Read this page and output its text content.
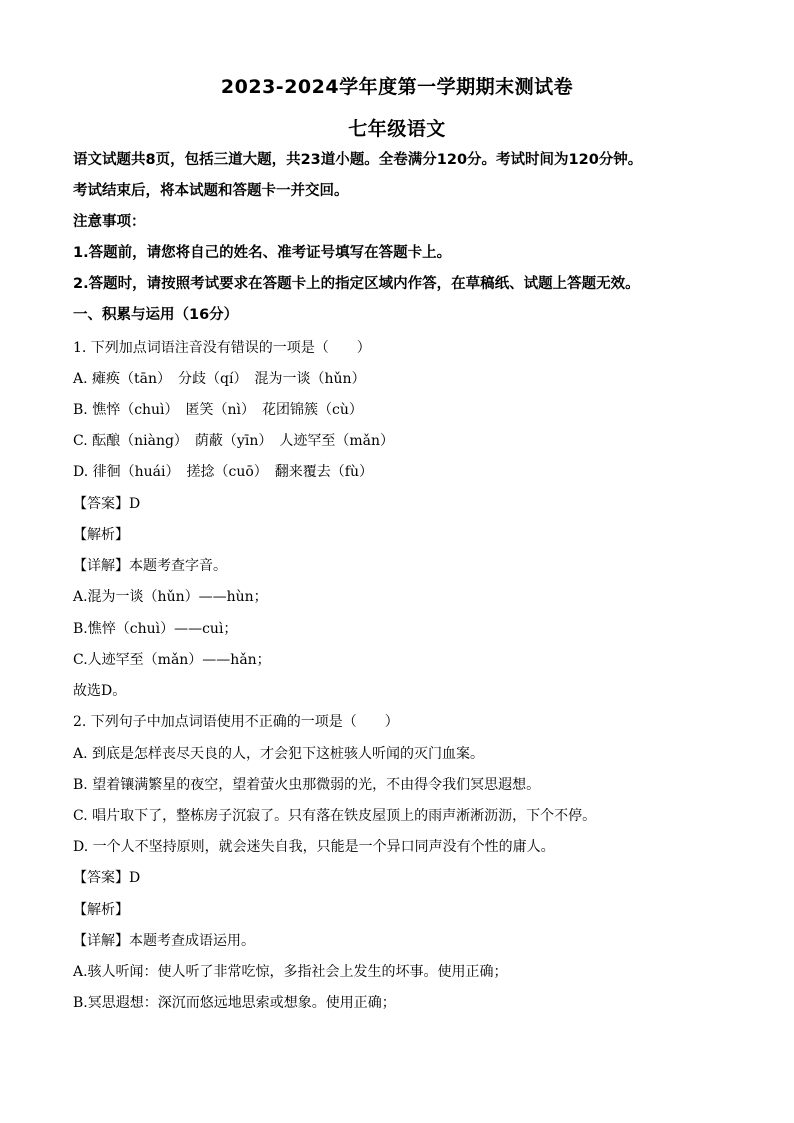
2023-2024学年度第一学期期末测试卷
七年级语文
语文试题共8页，包括三道大题，共23道小题。全卷满分120分。考试时间为120分钟。
考试结束后，将本试题和答题卡一并交回。
注意事项：
1.答题前，请您将自己的姓名、准考证号填写在答题卡上。
2.答题时，请按照考试要求在答题卡上的指定区域内作答，在草稿纸、试题上答题无效。
一、积累与运用（16分）
1. 下列加点词语注音没有错误的一项是（　　）
A. 瘫痪（tān）　分歧（qí）　混为一谈（hǔn）
B. 憔悴（chuì）　匿笑（nì）　花团锦簇（cù）
C. 酝酿（niàng）　荫蔽（yīn）　人迹罕至（mǎn）
D. 徘徊（huái）　搓捻（cuō）　翻来覆去（fù）
【答案】D
【解析】
【详解】本题考查字音。
A.混为一谈（hǔn）——hùn；
B.憔悴（chuì）——cuì；
C.人迹罕至（mǎn）——hǎn；
故选D。
2. 下列句子中加点词语使用不正确的一项是（　　）
A. 到底是怎样丧尽天良的人，才会犯下这桩骇人听闻的灭门血案。
B. 望着镶满繁星的夜空，望着萤火虫那微弱的光，不由得令我们冥思遐想。
C. 唱片取下了，整栋房子沉寂了。只有落在铁皮屋顶上的雨声淅淅沥沥，下个不停。
D. 一个人不坚持原则，就会迷失自我，只能是一个异口同声没有个性的庸人。
【答案】D
【解析】
【详解】本题考查成语运用。
A.骇人听闻：使人听了非常吃惊，多指社会上发生的坏事。使用正确；
B.冥思遐想：深沉而悠远地思索或想象。使用正确；
